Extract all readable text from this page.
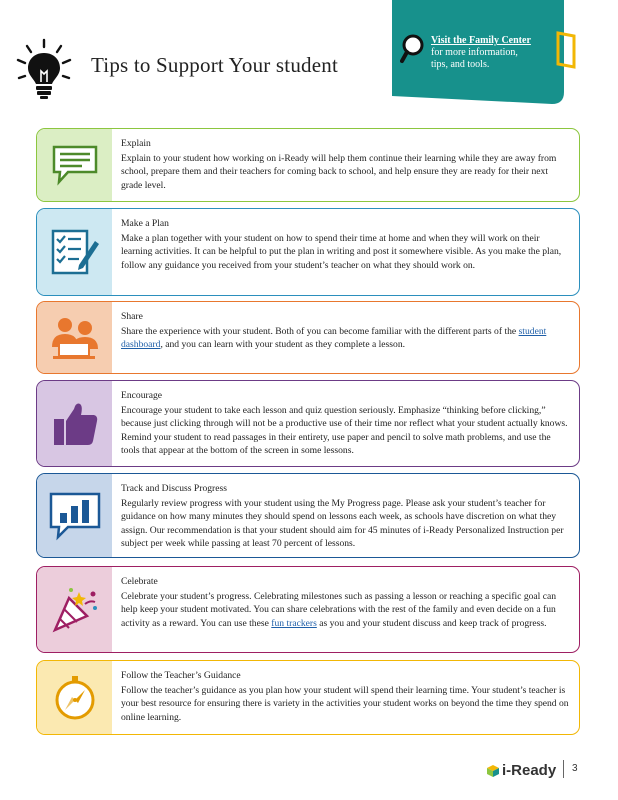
Tips to Support Your student
Visit the Family Center
for more information,
tips, and tools.
Explain
Explain to your student how working on i-Ready will help them continue their learning while they are away from school, prepare them and their teachers for coming back to school, and help ensure they are ready for their next grade level.
Make a Plan
Make a plan together with your student on how to spend their time at home and when they will work on their learning activities. It can be helpful to put the plan in writing and post it somewhere visible. As you make the plan, follow any guidance you received from your student’s teacher on what they should work on.
Share
Share the experience with your student. Both of you can become familiar with the different parts of the student dashboard, and you can learn with your student as they complete a lesson.
Encourage
Encourage your student to take each lesson and quiz question seriously. Emphasize “thinking before clicking,” because just clicking through will not be a productive use of their time nor reflect what your student actually knows. Remind your student to read passages in their entirety, use paper and pencil to solve math problems, and use the tools that appear at the bottom of the screen in some lessons.
Track and Discuss Progress
Regularly review progress with your student using the My Progress page. Please ask your student’s teacher for guidance on how many minutes they should spend on lessons each week, as schools have discretion on what they assign. Our recommendation is that your student should aim for 45 minutes of i-Ready Personalized Instruction per subject per week while passing at least 70 percent of lessons.
Celebrate
Celebrate your student’s progress. Celebrating milestones such as passing a lesson or reaching a specific goal can help keep your student motivated. You can share celebrations with the rest of the family and even decide on a fun activity as a reward. You can use these fun trackers as you and your student discuss and keep track of progress.
Follow the Teacher’s Guidance
Follow the teacher’s guidance as you plan how your student will spend their learning time. Your student’s teacher is your best resource for ensuring there is variety in the activities your student works on beyond the time they spend on online learning.
i-Ready 3
